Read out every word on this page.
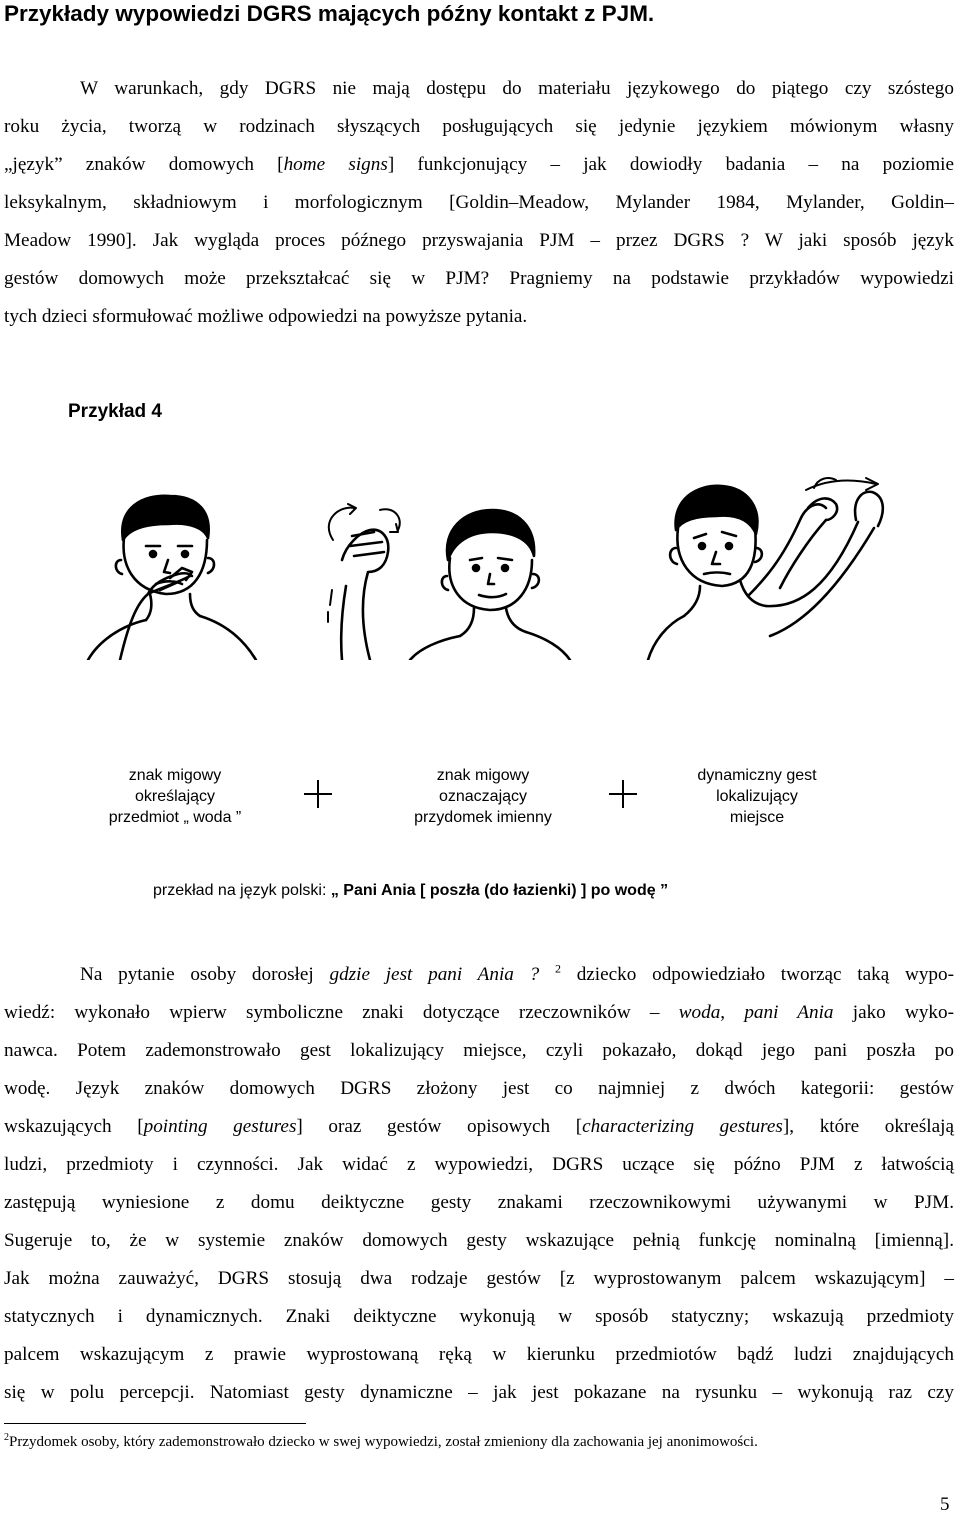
Przykłady wypowiedzi DGRS mających późny kontakt z PJM.
W warunkach, gdy DGRS nie mają dostępu do materiału językowego do piątego czy szóstego
roku życia, tworzą w rodzinach słyszących posługujących się jedynie językiem mówionym własny
„język” znaków domowych [home signs] funkcjonujący – jak dowiodły badania – na poziomie
leksykalnym, składniowym i morfologicznym [Goldin–Meadow, Mylander 1984, Mylander, Goldin–
Meadow 1990]. Jak wygląda proces późnego przyswajania PJM – przez DGRS ? W jaki sposób język
gestów domowych może przekształcać się w PJM? Pragniemy na podstawie przykładów wypowiedzi
tych dzieci sformułować możliwe odpowiedzi na powyższe pytania.
Przykład 4
znak migowy
określający
przedmiot „ woda ”
znak migowy
oznaczający
przydomek imienny
dynamiczny gest
lokalizujący
miejsce
przekład na język polski: „ Pani Ania [ poszła (do łazienki) ] po wodę ”
Na pytanie osoby dorosłej gdzie jest pani Ania ? $^2$ dziecko odpowiedziało tworząc taką wypo-
wiedź: wykonało wpierw symboliczne znaki dotyczące rzeczowników – woda, pani Ania jako wyko-
nawca. Potem zademonstrowało gest lokalizujący miejsce, czyli pokazało, dokąd jego pani poszła po
wodę. Język znaków domowych DGRS złożony jest co najmniej z dwóch kategorii: gestów
wskazujących [pointing gestures] oraz gestów opisowych [characterizing gestures], które określają
ludzi, przedmioty i czynności. Jak widać z wypowiedzi, DGRS uczące się późno PJM z łatwością
zastępują wyniesione z domu deiktyczne gesty znakami rzeczownikowymi używanymi w PJM.
Sugeruje to, że w systemie znaków domowych gesty wskazujące pełnią funkcję nominalną [imienną].
Jak można zauważyć, DGRS stosują dwa rodzaje gestów [z wyprostowanym palcem wskazującym] –
statycznych i dynamicznych. Znaki deiktyczne wykonują w sposób statyczny; wskazują przedmioty
palcem wskazującym z prawie wyprostowaną ręką w kierunku przedmiotów bądź ludzi znajdujących
się w polu percepcji. Natomiast gesty dynamiczne – jak jest pokazane na rysunku – wykonują raz czy
$^2$Przydomek osoby, który zademonstrowało dziecko w swej wypowiedzi, został zmieniony dla zachowania jej anonimowości.
5
